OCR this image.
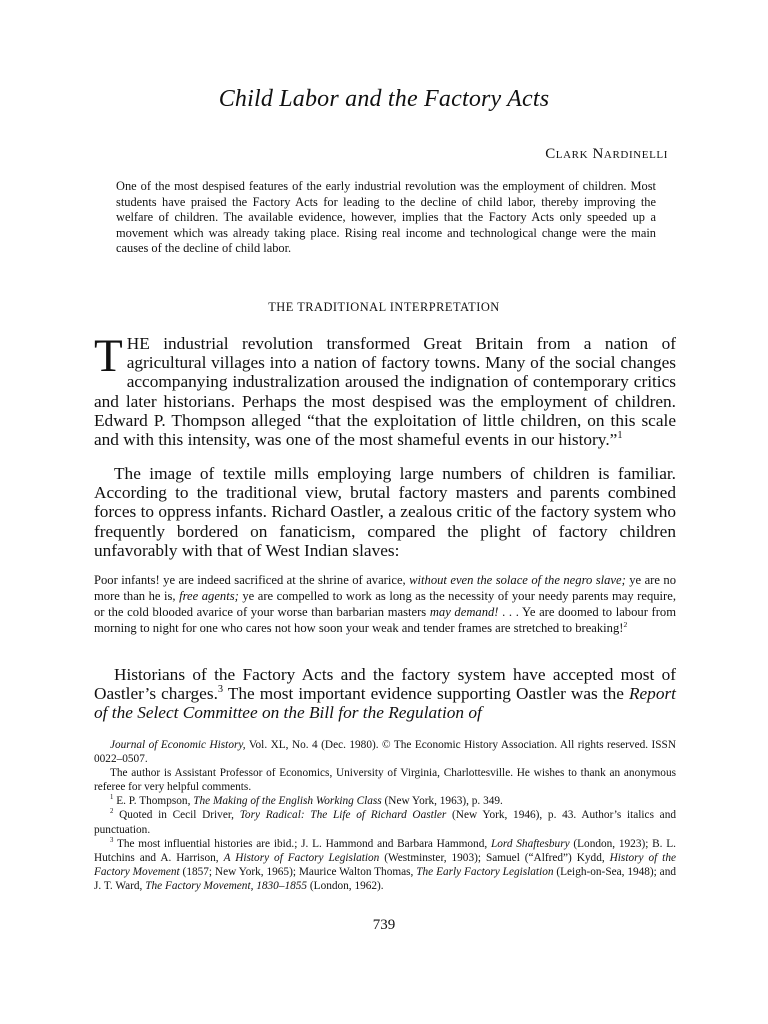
Child Labor and the Factory Acts
Clark Nardinelli

One of the most despised features of the early industrial revolution was the employment of children. Most students have praised the Factory Acts for leading to the decline of child labor, thereby improving the welfare of children. The available evidence, however, implies that the Factory Acts only speeded up a movement which was already taking place. Rising real income and technological change were the main causes of the decline of child labor.

THE TRADITIONAL INTERPRETATION

THE industrial revolution transformed Great Britain from a nation of agricultural villages into a nation of factory towns. Many of the social changes accompanying industralization aroused the indignation of contemporary critics and later historians. Perhaps the most despised was the employment of children. Edward P. Thompson alleged “that the exploitation of little children, on this scale and with this intensity, was one of the most shameful events in our history.”$^1$

The image of textile mills employing large numbers of children is familiar. According to the traditional view, brutal factory masters and parents combined forces to oppress infants. Richard Oastler, a zealous critic of the factory system who frequently bordered on fanaticism, compared the plight of factory children unfavorably with that of West Indian slaves:

Poor infants! ye are indeed sacrificed at the shrine of avarice, without even the solace of the negro slave; ye are no more than he is, free agents; ye are compelled to work as long as the necessity of your needy parents may require, or the cold blooded avarice of your worse than barbarian masters may demand! . . . Ye are doomed to labour from morning to night for one who cares not how soon your weak and tender frames are stretched to breaking!$^2$

Historians of the Factory Acts and the factory system have accepted most of Oastler’s charges.$^3$ The most important evidence supporting Oastler was the Report of the Select Committee on the Bill for the Regulation of

Journal of Economic History, Vol. XL, No. 4 (Dec. 1980). © The Economic History Association. All rights reserved. ISSN 0022–0507.

The author is Assistant Professor of Economics, University of Virginia, Charlottesville. He wishes to thank an anonymous referee for very helpful comments.

$^1$ E. P. Thompson, The Making of the English Working Class (New York, 1963), p. 349.

$^2$ Quoted in Cecil Driver, Tory Radical: The Life of Richard Oastler (New York, 1946), p. 43. Author’s italics and punctuation.

$^3$ The most influential histories are ibid.; J. L. Hammond and Barbara Hammond, Lord Shaftesbury (London, 1923); B. L. Hutchins and A. Harrison, A History of Factory Legislation (Westminster, 1903); Samuel (“Alfred”) Kydd, History of the Factory Movement (1857; New York, 1965); Maurice Walton Thomas, The Early Factory Legislation (Leigh-on-Sea, 1948); and J. T. Ward, The Factory Movement, 1830–1855 (London, 1962).

739
